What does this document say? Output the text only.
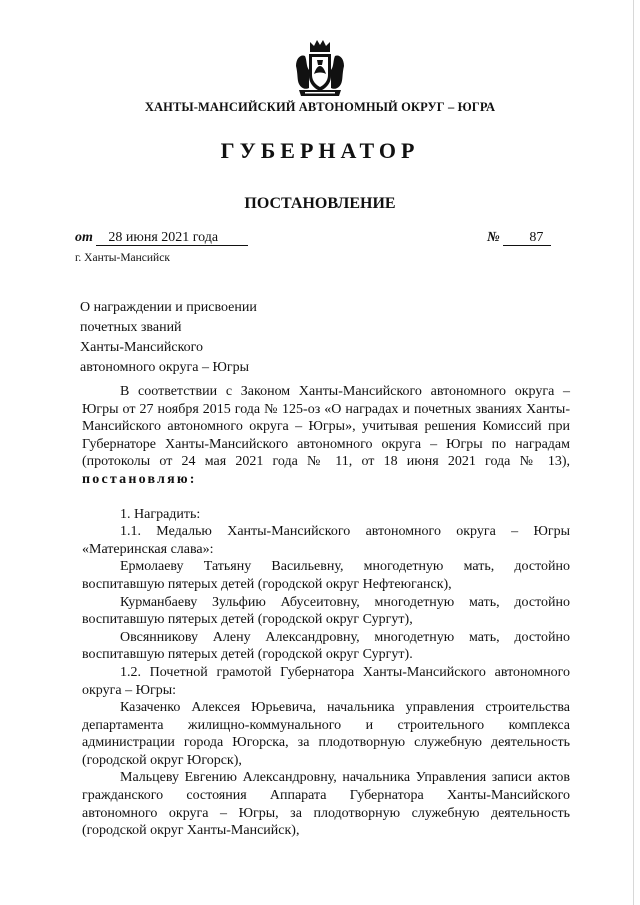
ХАНТЫ-МАНСИЙСКИЙ АВТОНОМНЫЙ ОКРУГ – ЮГРА
ГУБЕРНАТОР
ПОСТАНОВЛЕНИЕ
от 28 июня 2021 года	№ 87
г. Ханты-Мансийск
О награждении и присвоении
почетных званий
Ханты-Мансийского
автономного округа – Югры

В соответствии с Законом Ханты-Мансийского автономного округа – Югры от 27 ноября 2015 года № 125-оз «О наградах и почетных званиях Ханты-Мансийского автономного округа – Югры», учитывая решения Комиссий при Губернаторе Ханты-Мансийского автономного округа – Югры по наградам (протоколы от 24 мая 2021 года № 11, от 18 июня 2021 года № 13), постановляю:

1. Наградить:

1.1. Медалью Ханты-Мансийского автономного округа – Югры «Материнская слава»:

Ермолаеву Татьяну Васильевну, многодетную мать, достойно воспитавшую пятерых детей (городской округ Нефтеюганск),

Курманбаеву Зульфию Абусеитовну, многодетную мать, достойно воспитавшую пятерых детей (городской округ Сургут),

Овсянникову Алену Александровну, многодетную мать, достойно воспитавшую пятерых детей (городской округ Сургут).

1.2. Почетной грамотой Губернатора Ханты-Мансийского автономного округа – Югры:

Казаченко Алексея Юрьевича, начальника управления строительства департамента жилищно-коммунального и строительного комплекса администрации города Югорска, за плодотворную служебную деятельность (городской округ Югорск),

Мальцеву Евгению Александровну, начальника Управления записи актов гражданского состояния Аппарата Губернатора Ханты-Мансийского автономного округа – Югры, за плодотворную служебную деятельность (городской округ Ханты-Мансийск),
